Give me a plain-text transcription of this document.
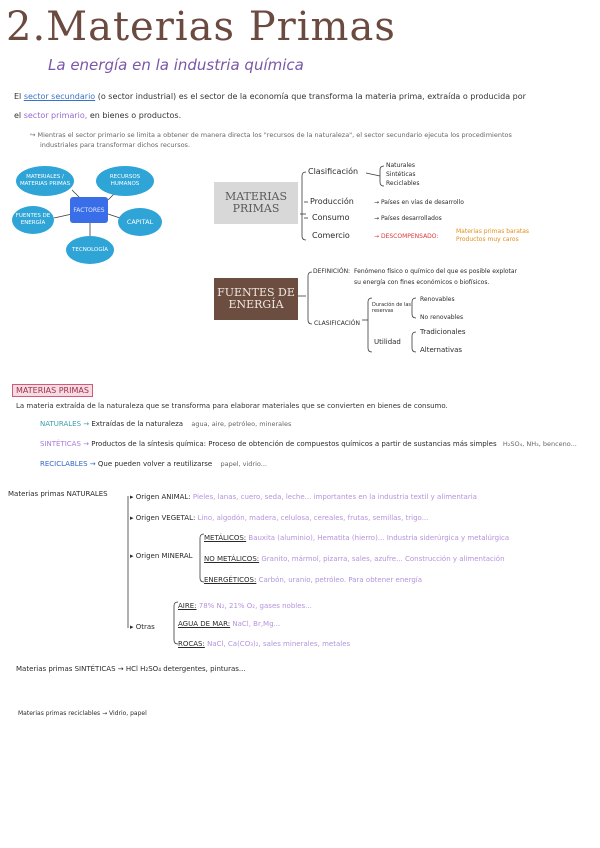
2.Materias Primas
La energía en la industria química
El sector secundario (o sector industrial) es el sector de la economía que transforma la materia prima, extraída o producida por
el sector primario, en bienes o productos.
↪ Mientras el sector primario se limita a obtener de manera directa los "recursos de la naturaleza", el sector secundario ejecuta los procedimientos
industriales para transformar dichos recursos.
MATERIALES / MATERIAS PRIMAS
RECURSOS HUMANOS
FACTORES
FUENTES DE ENERGÍA	CAPITAL
TECNOLOGÍA
MATERIAS PRIMAS
Clasificación
Naturales
Sintéticas
Reciclables
Producción	→ Países en vías de desarrollo
Consumo	→ Países desarrollados
Comercio	→ DESCOMPENSADO:
Materias primas baratas
Productos muy caros
FUENTES DE ENERGÍA
DEFINICIÓN: Fenómeno físico o químico del que es posible explotar
su energía con fines económicos o biofísicos.
CLASIFICACIÓN
Duración de las reservas
Renovables
No renovables
Utilidad
Tradicionales
Alternativas
MATERIAS PRIMAS
La materia extraída de la naturaleza que se transforma para elaborar materiales que se convierten en bienes de consumo.
NATURALES → Extraídas de la naturaleza agua, aire, petróleo, minerales
SINTÉTICAS → Productos de la síntesis química: Proceso de obtención de compuestos químicos a partir de sustancias más simples H₂SO₄, NH₃, benceno...
RECICLABLES → Que pueden volver a reutilizarse papel, vidrio...
Materias primas NATURALES	▸ Origen ANIMAL: Pieles, lanas, cuero, seda, leche... importantes en la industria textil y alimentaria
▸ Origen VEGETAL: Lino, algodón, madera, celulosa, cereales, frutas, semillas, trigo...
▸ Origen MINERAL
METÁLICOS: Bauxita (aluminio), Hematita (hierro)... Industria siderúrgica y metalúrgica
NO METÁLICOS: Granito, mármol, pizarra, sales, azufre... Construcción y alimentación
ENERGÉTICOS: Carbón, uranio, petróleo. Para obtener energía
▸ Otras
AIRE: 78% N₂, 21% O₂, gases nobles...
AGUA DE MAR: NaCl, Br,Mg...
ROCAS: NaCl, Ca(CO₃)₂, sales minerales, metales
Materias primas SINTÉTICAS → HCl H₂SO₄ detergentes, pinturas...
Materias primas reciclables → Vidrio, papel
